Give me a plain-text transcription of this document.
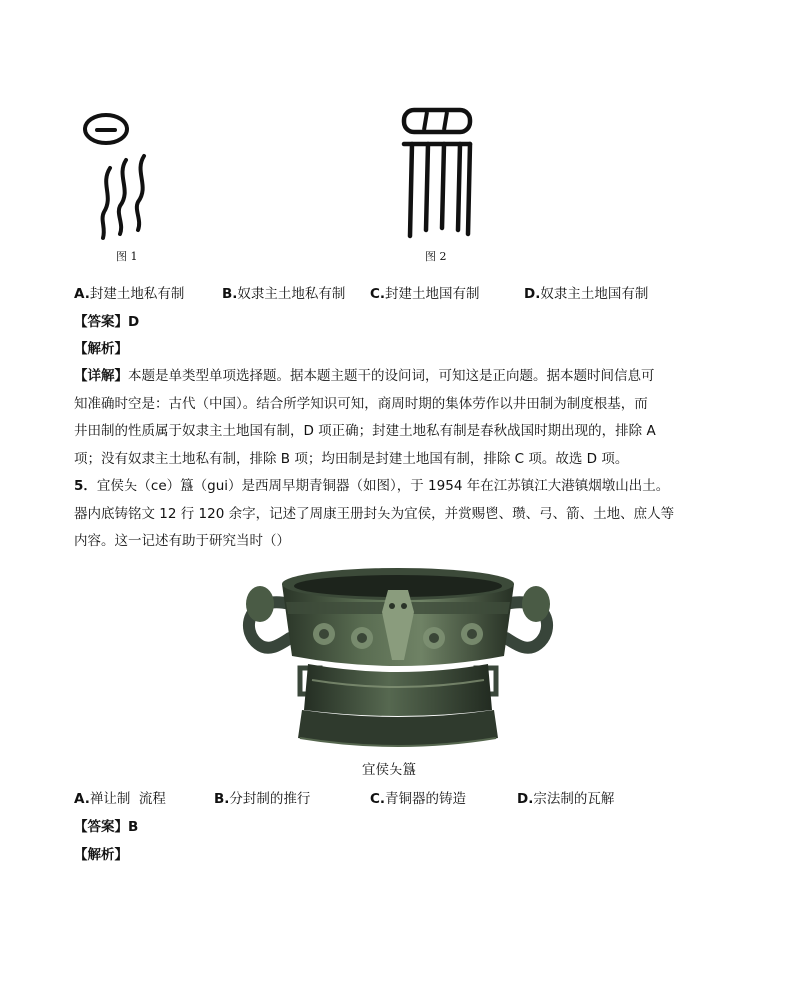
图 1	图 2
A.封建土地私有制	B.奴隶主土地私有制 C.封建土地国有制	D.奴隶主土地国有制
【答案】D
【解析】
【详解】本题是单类型单项选择题。据本题主题干的设问词，可知这是正向题。据本题时间信息可
知准确时空是：古代（中国）。结合所学知识可知，商周时期的集体劳作以井田制为制度根基，而
井田制的性质属于奴隶主土地国有制，D 项正确；封建土地私有制是春秋战国时期出现的，排除 A
项；没有奴隶主土地私有制，排除 B 项；均田制是封建土地国有制，排除 C 项。故选 D 项。
5．宜侯夨（ce）簋（gui）是西周早期青铜器（如图），于 1954 年在江苏镇江大港镇烟墩山出土。
器内底铸铭文 12 行 120 余字，记述了周康王册封夨为宜侯，并赏赐鬯、瓒、弓、箭、土地、庶人等
内容。这一记述有助于研究当时（）
宜侯夨簋
A.禅让制  流程	B.分封制的推行	C.青铜器的铸造	D.宗法制的瓦解
【答案】B
【解析】
